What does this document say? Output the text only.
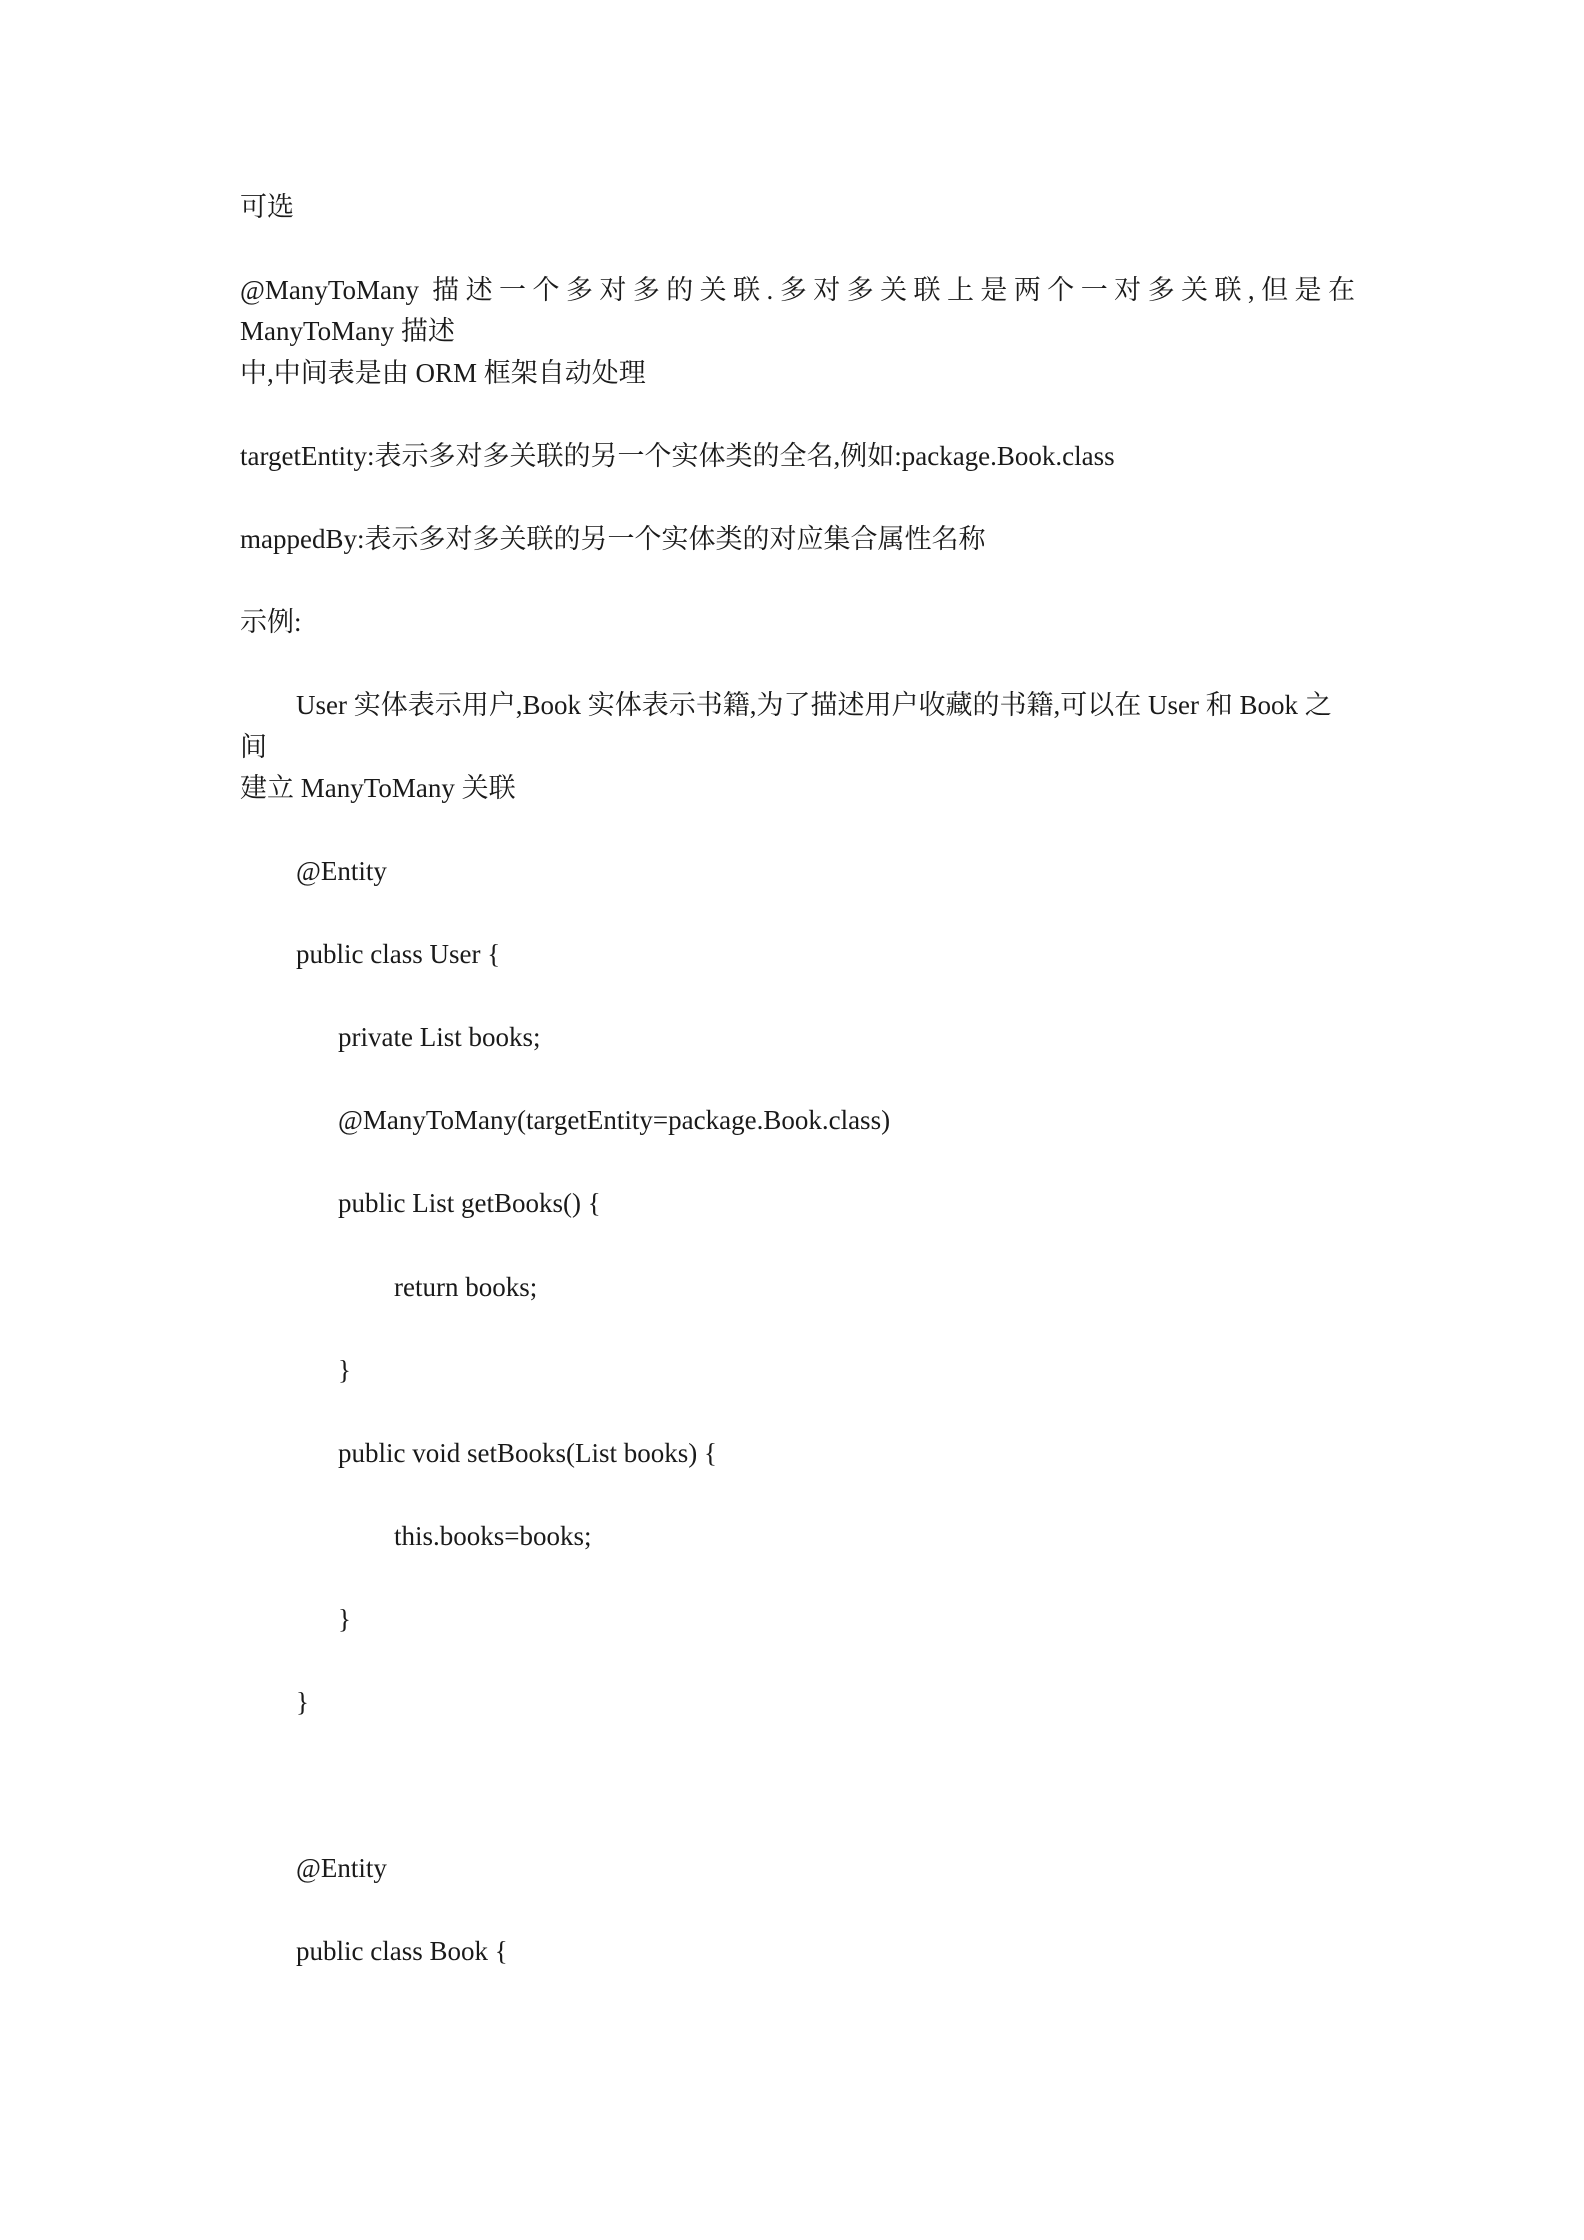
可选
@ManyToMany 描述一个多对多的关联.多对多关联上是两个一对多关联,但是在
ManyToMany 描述
中,中间表是由 ORM 框架自动处理
targetEntity:表示多对多关联的另一个实体类的全名,例如:package.Book.class
mappedBy:表示多对多关联的另一个实体类的对应集合属性名称
示例:
User 实体表示用户,Book 实体表示书籍,为了描述用户收藏的书籍,可以在 User 和 Book 之
间
建立 ManyToMany 关联
@Entity
public class User {
private List books;
@ManyToMany(targetEntity=package.Book.class)
public List getBooks() {
return books;
}
public void setBooks(List books) {
this.books=books;
}
}
@Entity
public class Book {
